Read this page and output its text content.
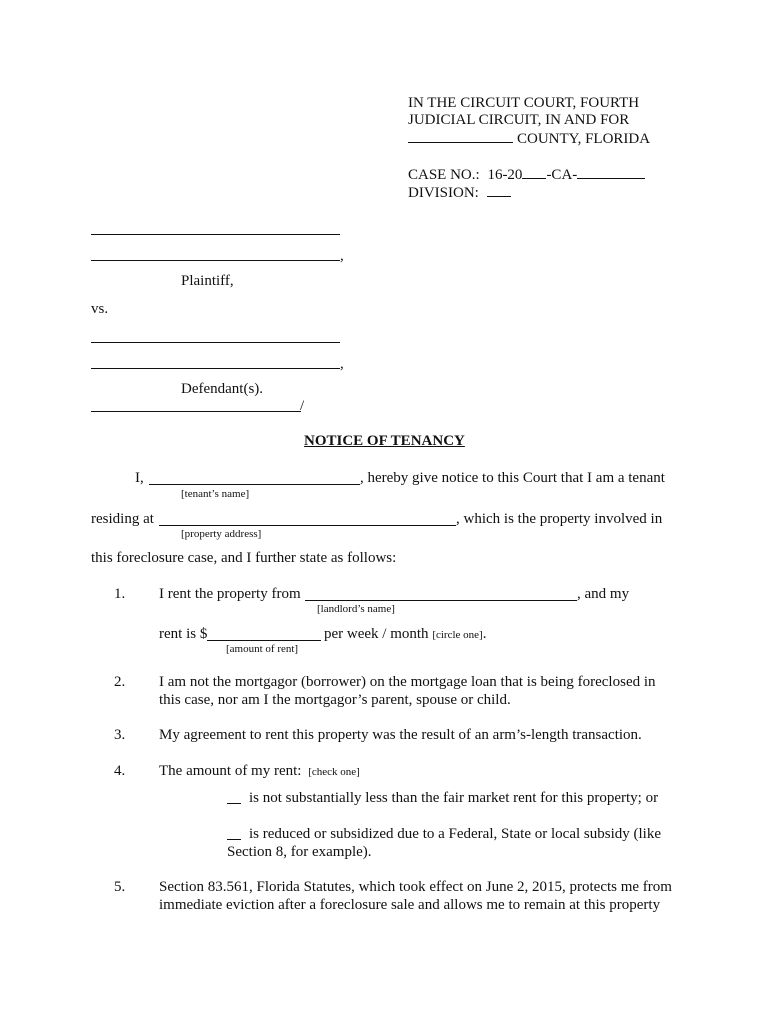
IN THE CIRCUIT COURT, FOURTH
JUDICIAL CIRCUIT, IN AND FOR
COUNTY, FLORIDA
CASE NO.: 16-20 -CA-
DIVISION:
,
Plaintiff,
vs.
,
Defendant(s).
/
NOTICE OF TENANCY
I,	, hereby give notice to this Court that I am a tenant
[tenant’s name]
residing at	, which is the property involved in
[property address]
this foreclosure case, and I further state as follows:
1. I rent the property from	, and my
[landlord’s name]
rent is $	per week / month [circle one].
[amount of rent]
2. I am not the mortgagor (borrower) on the mortgage loan that is being foreclosed in
this case, nor am I the mortgagor’s parent, spouse or child.
3. My agreement to rent this property was the result of an arm’s-length transaction.
4. The amount of my rent: [check one]
is not substantially less than the fair market rent for this property; or
is reduced or subsidized due to a Federal, State or local subsidy (like
Section 8, for example).
5. Section 83.561, Florida Statutes, which took effect on June 2, 2015, protects me from
immediate eviction after a foreclosure sale and allows me to remain at this property
